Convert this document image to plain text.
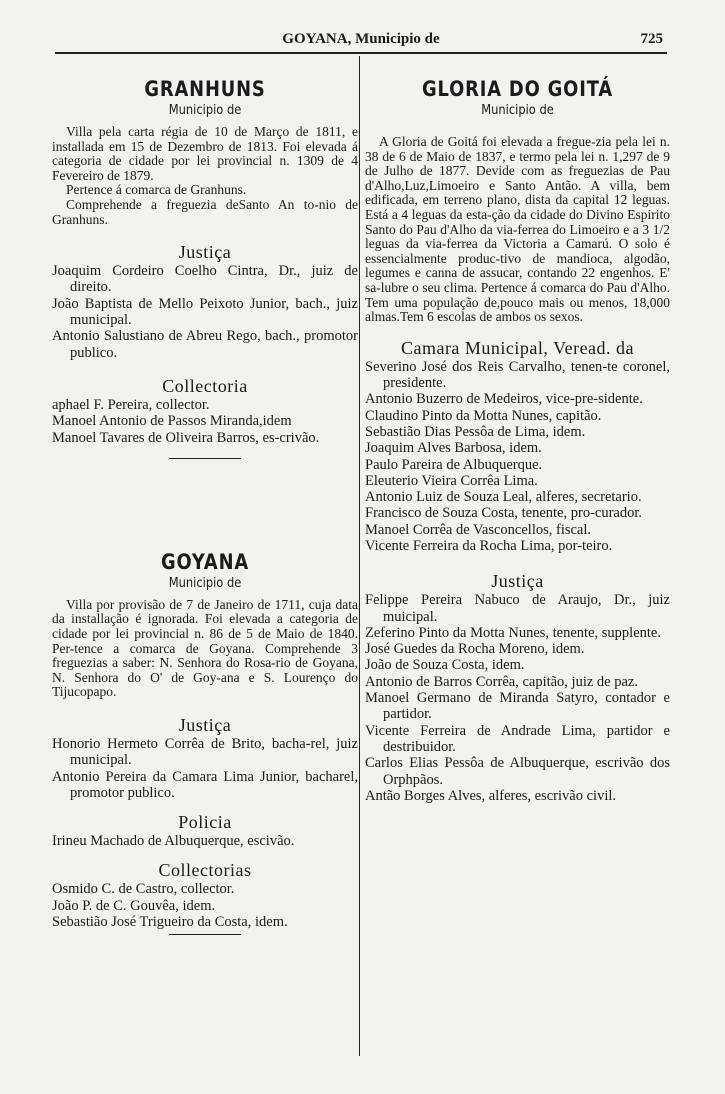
GOYANA, Municipio de	725
GRANHUNS
Municipio de

Villa pela carta régia de 10 de Março de 1811, e installada em 15 de Dezembro de 1813. Foi elevada á categoria de cidade por lei provincial n. 1309 de 4 Fevereiro de 1879.

Pertence á comarca de Granhuns.

Comprehende a freguezia deSanto An to-nio de Granhuns.

Justiça

Joaquim Cordeiro Coelho Cintra, Dr., juiz de direito.

João Baptista de Mello Peixoto Junior, bach., juiz municipal.

Antonio Salustiano de Abreu Rego, bach., promotor publico.

Collectoria

aphael F. Pereira, collector.

Manoel Antonio de Passos Miranda,idem

Manoel Tavares de Oliveira Barros, es-crivão.

GOYANA
Municipio de

Villa por provisão de 7 de Janeiro de 1711, cuja data da installação é ignorada. Foi elevada a categoria de cidade por lei provincial n. 86 de 5 de Maio de 1840. Per-tence a comarca de Goyana. Comprehende 3 freguezias a saber: N. Senhora do Rosa-rio de Goyana, N. Senhora do O' de Goy-ana e S. Lourenço do Tijucopapo.

Justiça

Honorio Hermeto Corrêa de Brito, bacha-rel, juiz municipal.

Antonio Pereira da Camara Lima Junior, bacharel, promotor publico.

Policia

Irineu Machado de Albuquerque, escivão.

Collectorias

Osmido C. de Castro, collector.

João P. de C. Gouvêa, idem.

Sebastião José Trigueiro da Costa, idem.

GLORIA DO GOITÁ
Municipio de

A Gloria de Goitá foi elevada a fregue-zia pela lei n. 38 de 6 de Maio de 1837, e termo pela lei n. 1,297 de 9 de Julho de 1877. Devide com as freguezias de Pau d'Alho,Luz,Limoeiro e Santo Antão. A villa, bem edificada, em terreno plano, dista da capital 12 leguas. Está a 4 leguas da esta-ção da cidade do Divino Espirito Santo do Pau d'Alho da via-ferrea do Limoeiro e a 3 1/2 leguas da via-ferrea da Victoria a Camarú. O solo é essencialmente produc-tivo de mandioca, algodão, legumes e canna de assucar, contando 22 engenhos. E' sa-lubre o seu clima. Pertence á comarca do Pau d'Alho. Tem uma população de,pouco mais ou menos, 18,000 almas.Tem 6 escolas de ambos os sexos.

Camara Municipal, Veread. da

Severino José dos Reis Carvalho, tenen-te coronel, presidente.

Antonio Buzerro de Medeiros, vice-pre-sidente.

Claudino Pinto da Motta Nunes, capitão.

Sebastião Dias Pessôa de Lima, idem.

Joaquim Alves Barbosa, idem.

Paulo Pareira de Albuquerque.

Eleuterio Vieira Corrêa Lima.

Antonio Luiz de Souza Leal, alferes, secretario.

Francisco de Souza Costa, tenente, pro-curador.

Manoel Corrêa de Vasconcellos, fiscal.

Vicente Ferreira da Rocha Lima, por-teiro.

Justiça

Felippe Pereira Nabuco de Araujo, Dr., juiz muicipal.

Zeferino Pinto da Motta Nunes, tenente, supplente.

José Guedes da Rocha Moreno, idem.

João de Souza Costa, idem.

Antonio de Barros Corrêa, capitão, juiz de paz.

Manoel Germano de Miranda Satyro, contador e partidor.

Vicente Ferreira de Andrade Lima, partidor e destribuidor.

Carlos Elias Pessôa de Albuquerque, escrivão dos Orphpãos.

Antão Borges Alves, alferes, escrivão civil.
